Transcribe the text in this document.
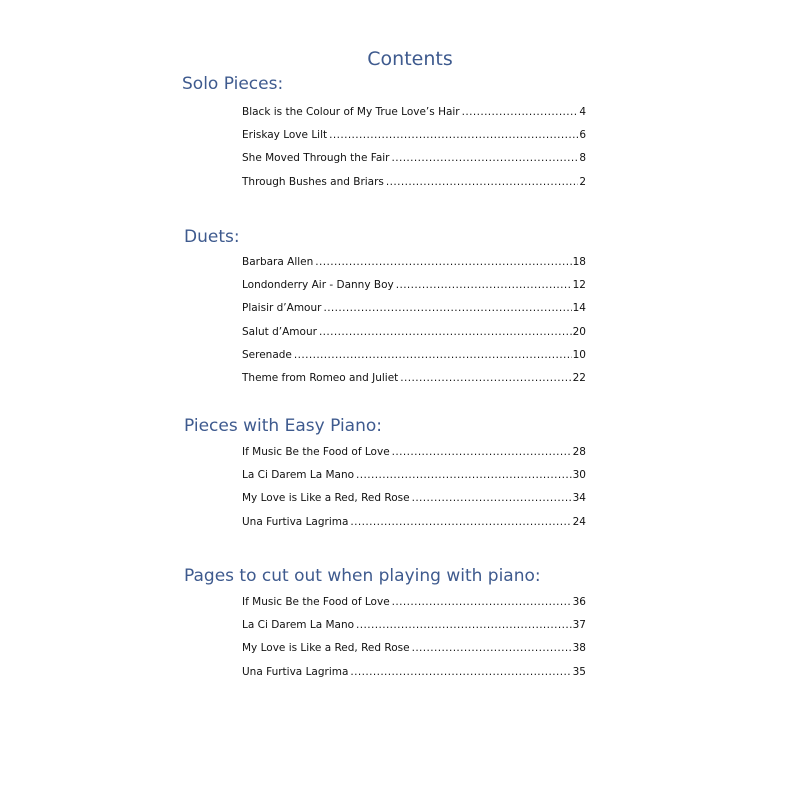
Contents
Solo Pieces:
Black is the Colour of My True Love’s Hair .....	4
Eriskay Love Lilt .....	6
She Moved Through the Fair .....	8
Through Bushes and Briars .....	2
Duets:
Barbara Allen .....	18
Londonderry Air - Danny Boy .....	12
Plaisir d’Amour .....	14
Salut d’Amour .....	20
Serenade .....	10
Theme from Romeo and Juliet .....	22
Pieces with Easy Piano:
If Music Be the Food of Love .....	28
La Ci Darem La Mano .....	30
My Love is Like a Red, Red Rose .....	34
Una Furtiva Lagrima .....	24
Pages to cut out when playing with piano:
If Music Be the Food of Love .....	36
La Ci Darem La Mano .....	37
My Love is Like a Red, Red Rose .....	38
Una Furtiva Lagrima .....	35
